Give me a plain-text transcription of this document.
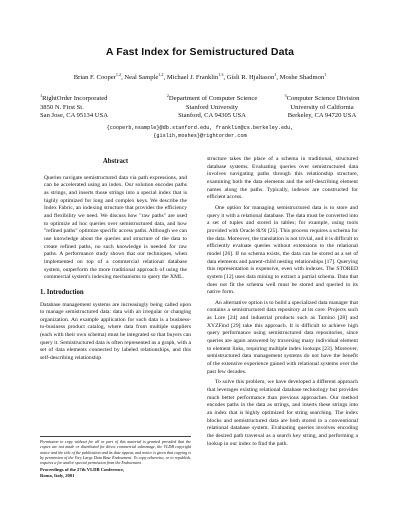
A Fast Index for Semistructured Data
Brian F. Cooper$^{1,2}$, Neal Sample$^{1,2}$, Michael J. Franklin$^{1,3}$, Gísli R. Hjaltason$^1$, Moshe Shadmon$^1$
$^1$RightOrder Incorporated
3850 N. First St.
San Jose, CA 95134 USA
$^2$Department of Computer Science
Stanford University
Stanford, CA 94305 USA
$^3$Computer Science Division
University of California
Berkeley, CA 94720 USA
{cooperb,nsample}@db.stanford.edu, franklin@cs.berkeley.edu,
{gislih,moshes}@rightorder.com
Abstract
Queries navigate semistructured data via path expressions, and can be accelerated using an index. Our solution encodes paths as strings, and inserts those strings into a special index that is highly optimized for long and complex keys. We describe the Index Fabric, an indexing structure that provides the efficiency and flexibility we need. We discuss how "raw paths" are used to optimize ad hoc queries over semistructured data, and how "refined paths" optimize specific access paths. Although we can use knowledge about the queries and structure of the data to create refined paths, no such knowledge is needed for raw paths. A performance study shows that our techniques, when implemented on top of a commercial relational database system, outperform the more traditional approach of using the commercial system's indexing mechanisms to query the XML.
1. Introduction
Database management systems are increasingly being called upon to manage semistructured data: data with an irregular or changing organization. An example application for such data is a business-to-business product catalog, where data from multiple suppliers (each with their own schema) must be integrated so that buyers can query it. Semistructured data is often represented as a graph, with a set of data elements connected by labeled relationships, and this self-describing relationship
Permission to copy without fee all or part of this material is granted provided that the copies are not made or distributed for direct commercial advantage, the VLDB copyright notice and the title of the publication and its date appear, and notice is given that copying is by permission of the Very Large Data Base Endowment. To copy otherwise, or to republish, requires a fee and/or special permission from the Endowment.
Proceedings of the 27th VLDB Conference,
Roma, Italy, 2001
structure takes the place of a schema in traditional, structured database systems. Evaluating queries over semistructured data involves navigating paths through this relationship structure, examining both the data elements and the self-describing element names along the paths. Typically, indexes are constructed for efficient access.
One option for managing semistructured data is to store and query it with a relational database. The data must be converted into a set of tuples and stored in tables; for example, using tools provided with Oracle 8i/9i [25]. This process requires a schema for the data. Moreover, the translation is not trivial, and it is difficult to efficiently evaluate queries without extensions to the relational model [26]. If no schema exists, the data can be stored as a set of data elements and parent-child nesting relationships [17]. Querying this representation is expensive, even with indexes. The STORED system [12] uses data mining to extract a partial schema. Data that does not fit the schema well must be stored and queried in its native form.
An alternative option is to build a specialized data manager that contains a semistructured data repository at its core. Projects such as Lore [24] and industrial products such as Tamino [28] and XYZFind [29] take this approach. It is difficult to achieve high query performance using semistructured data repositories, since queries are again answered by traversing many individual element to element links, requiring multiple index lookups [23]. Moreover, semistructured data management systems do not have the benefit of the extensive experience gained with relational systems over the past few decades.
To solve this problem, we have developed a different approach that leverages existing relational database technology but provides much better performance than previous approaches. Our method encodes paths in the data as strings, and inserts these strings into an index that is highly optimized for string searching. The index blocks and semistructured data are both stored in a conventional relational database system. Evaluating queries involves encoding the desired path traversal as a search key string, and performing a lookup in our index to find the path.
